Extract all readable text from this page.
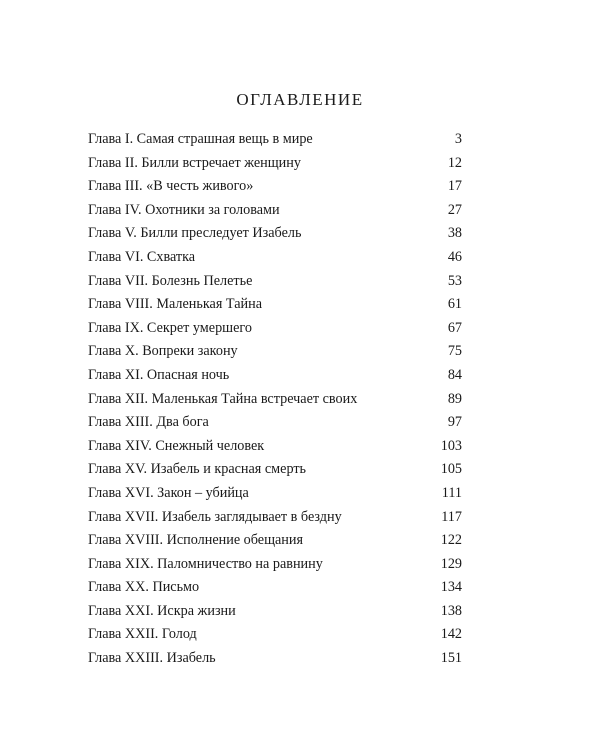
ОГЛАВЛЕНИЕ
Глава I. Самая страшная вещь в мире	3
Глава II. Билли встречает женщину	12
Глава III. «В честь живого»	17
Глава IV. Охотники за головами	27
Глава V. Билли преследует Изабель	38
Глава VI. Схватка	46
Глава VII. Болезнь Пелетье	53
Глава VIII. Маленькая Тайна	61
Глава IX. Секрет умершего	67
Глава X. Вопреки закону	75
Глава XI. Опасная ночь	84
Глава XII. Маленькая Тайна встречает своих	89
Глава XIII. Два бога	97
Глава XIV. Снежный человек	103
Глава XV. Изабель и красная смерть	105
Глава XVI. Закон – убийца	111
Глава XVII. Изабель заглядывает в бездну	117
Глава XVIII. Исполнение обещания	122
Глава XIX. Паломничество на равнину	129
Глава XX. Письмо	134
Глава XXI. Искра жизни	138
Глава XXII. Голод	142
Глава XXIII. Изабель	151
